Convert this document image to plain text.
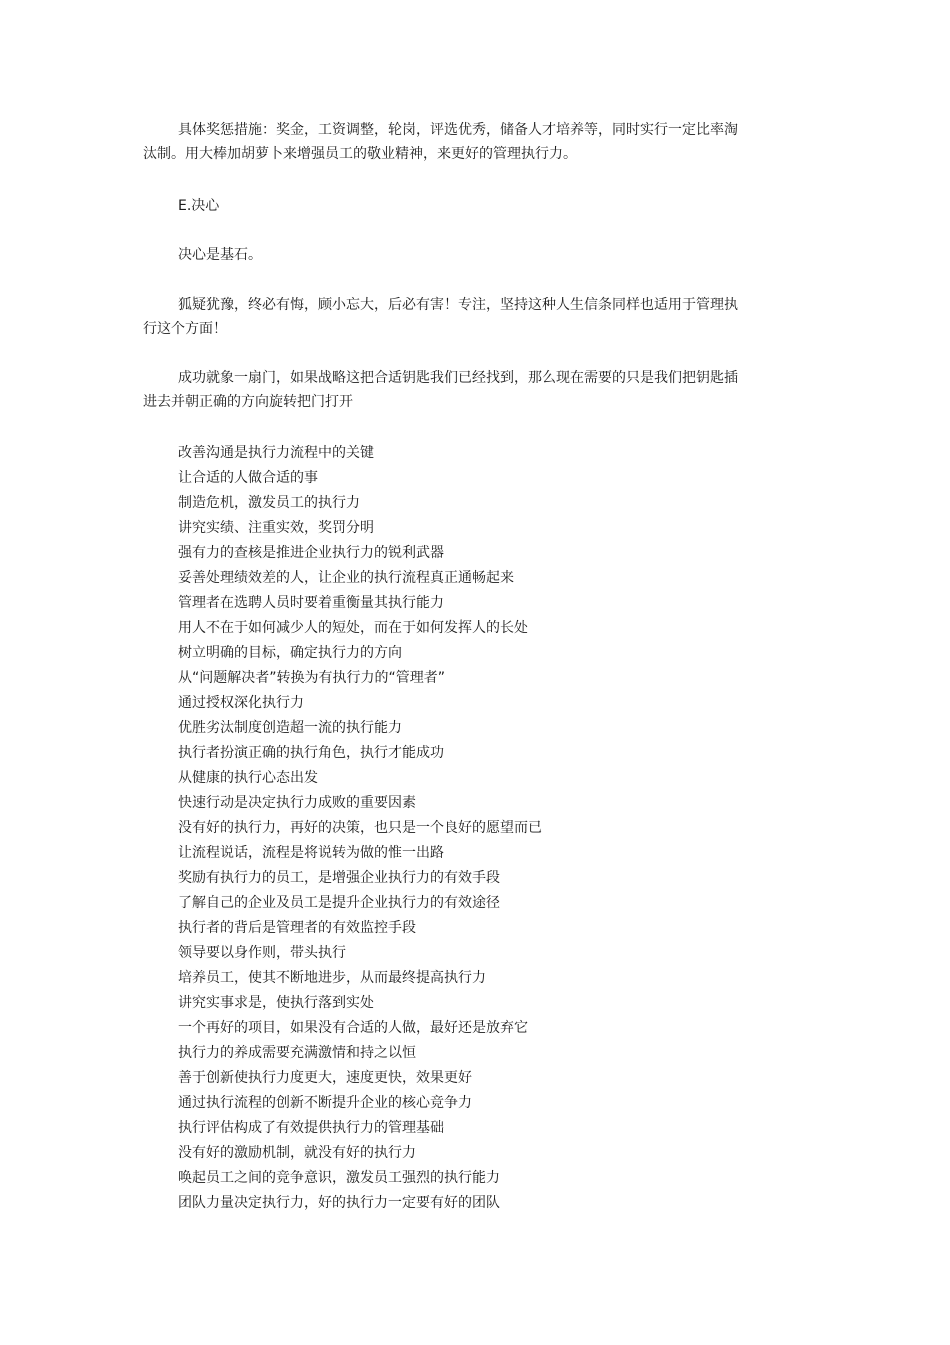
具体奖惩措施：奖金，工资调整，轮岗，评选优秀，储备人才培养等，同时实行一定比率淘汰制。用大棒加胡萝卜来增强员工的敬业精神，来更好的管理执行力。

E.决心

决心是基石。

狐疑犹豫，终必有悔，顾小忘大，后必有害！专注，坚持这种人生信条同样也适用于管理执行这个方面！

成功就象一扇门，如果战略这把合适钥匙我们已经找到，那么现在需要的只是我们把钥匙插进去并朝正确的方向旋转把门打开

改善沟通是执行力流程中的关键
让合适的人做合适的事
制造危机，激发员工的执行力
讲究实绩、注重实效，奖罚分明
强有力的查核是推进企业执行力的锐利武器
妥善处理绩效差的人，让企业的执行流程真正通畅起来
管理者在选聘人员时要着重衡量其执行能力
用人不在于如何减少人的短处，而在于如何发挥人的长处
树立明确的目标，确定执行力的方向
从“问题解决者”转换为有执行力的“管理者”
通过授权深化执行力
优胜劣汰制度创造超一流的执行能力
执行者扮演正确的执行角色，执行才能成功
从健康的执行心态出发
快速行动是决定执行力成败的重要因素
没有好的执行力，再好的决策，也只是一个良好的愿望而已
让流程说话，流程是将说转为做的惟一出路
奖励有执行力的员工，是增强企业执行力的有效手段
了解自己的企业及员工是提升企业执行力的有效途径
执行者的背后是管理者的有效监控手段
领导要以身作则，带头执行
培养员工，使其不断地进步，从而最终提高执行力
讲究实事求是，使执行落到实处
一个再好的项目，如果没有合适的人做，最好还是放弃它
执行力的养成需要充满激情和持之以恒
善于创新使执行力度更大，速度更快，效果更好
通过执行流程的创新不断提升企业的核心竞争力
执行评估构成了有效提供执行力的管理基础
没有好的激励机制，就没有好的执行力
唤起员工之间的竞争意识，激发员工强烈的执行能力
团队力量决定执行力，好的执行力一定要有好的团队
